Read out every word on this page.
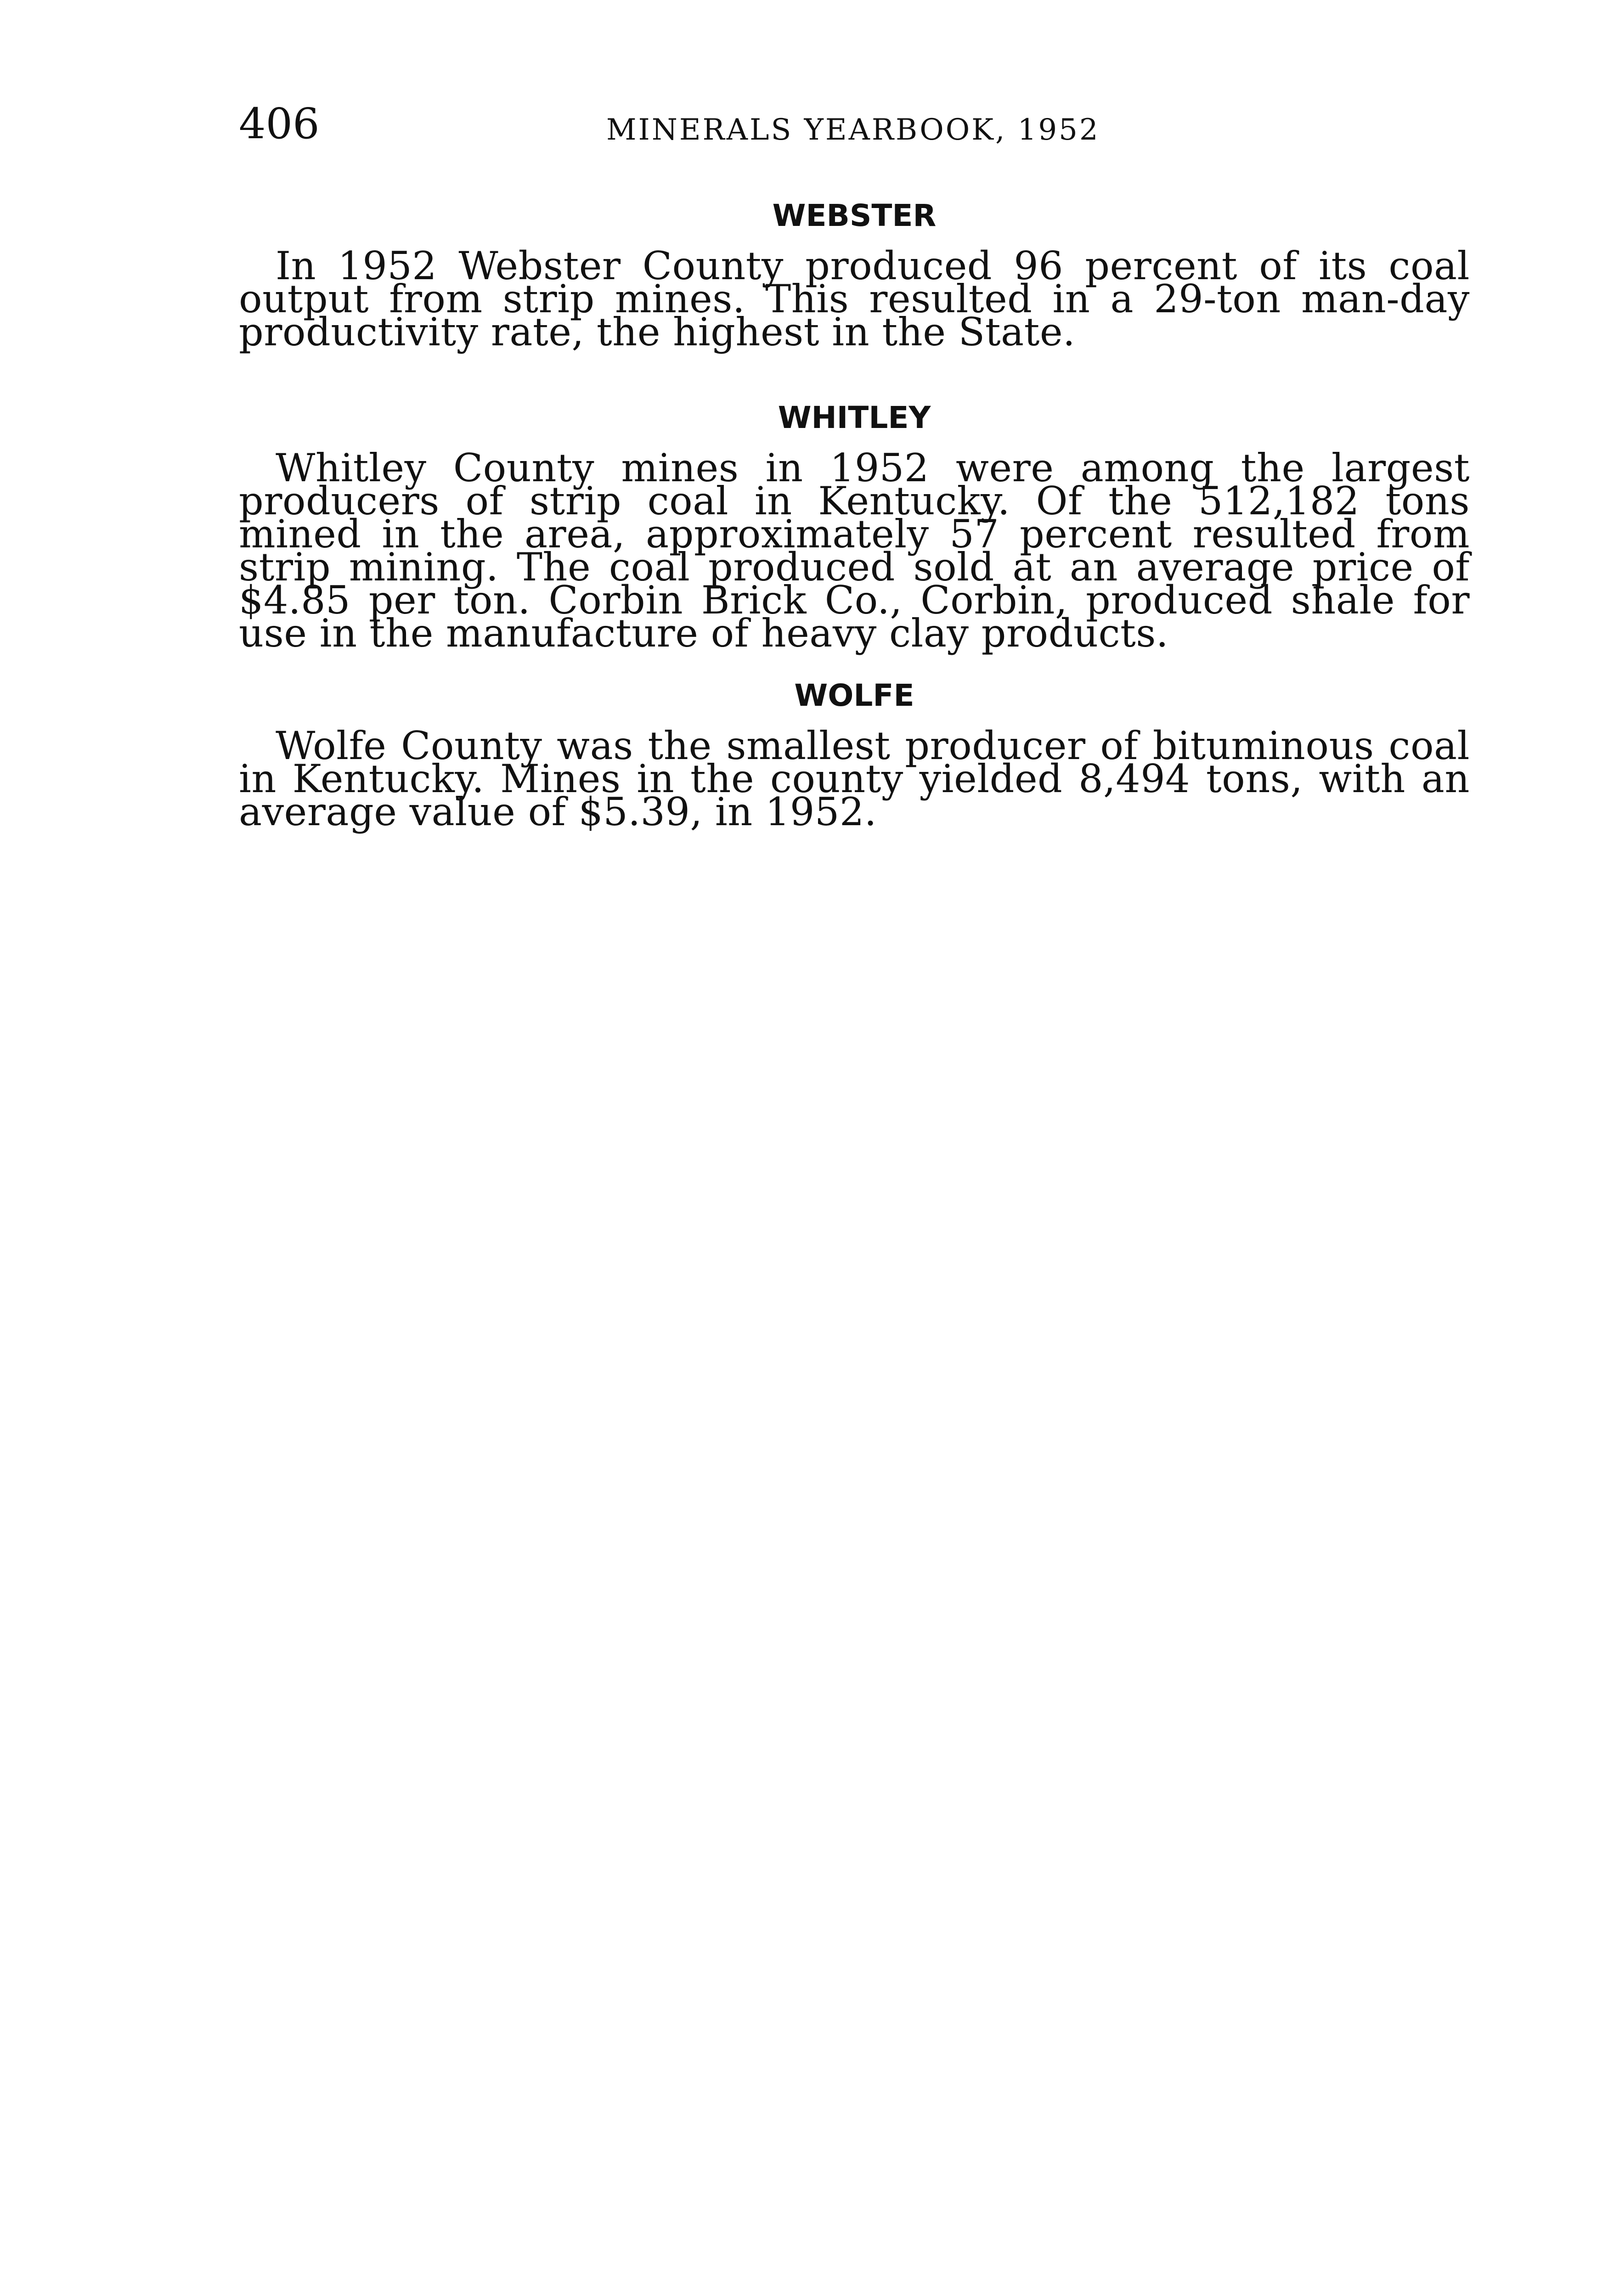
406	MINERALS YEARBOOK, 1952
WEBSTER

In 1952 Webster County produced 96 percent of its coal output from strip mines. This resulted in a 29-ton man-day productivity rate, the highest in the State.

WHITLEY

Whitley County mines in 1952 were among the largest producers of strip coal in Kentucky. Of the 512,182 tons mined in the area, approximately 57 percent resulted from strip mining. The coal produced sold at an average price of $4.85 per ton. Corbin Brick Co., Corbin, produced shale for use in the manufacture of heavy clay products.

WOLFE

Wolfe County was the smallest producer of bituminous coal in Kentucky. Mines in the county yielded 8,494 tons, with an average value of $5.39, in 1952.
